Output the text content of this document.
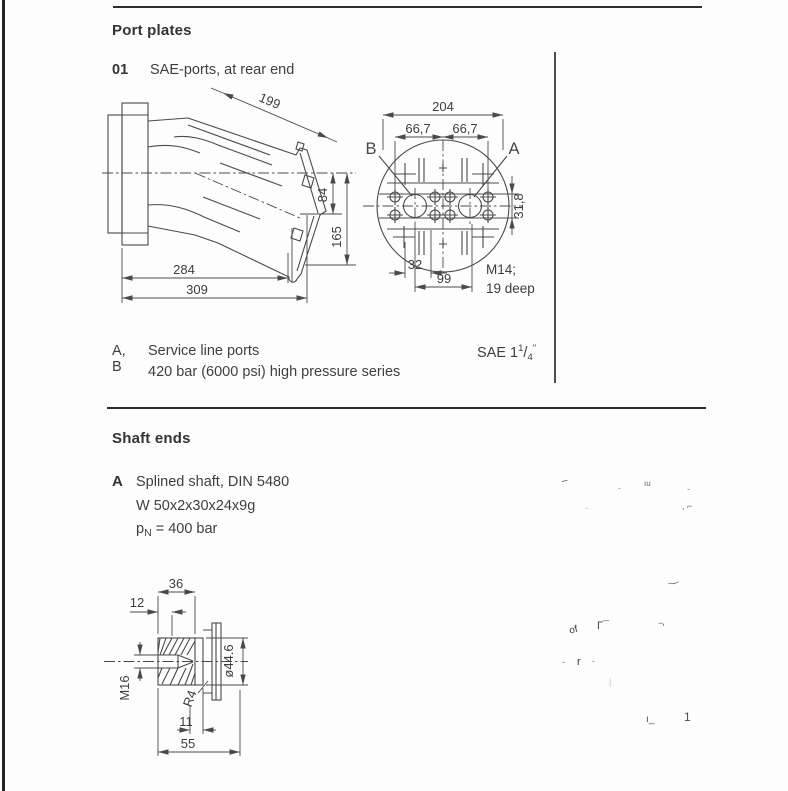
Port plates
01 SAE-ports, at rear end
199
84
165
284
309
B	A
204
66,7 66,7
31,8
32
99
M14;
19 deep
A, B
Service line ports
420 bar (6000 psi) high pressure series
SAE $1^1/_4^"$
Shaft ends
A Splined shaft, DIN 5480
W 50x2x30x24x9g
$p_N = 400$ bar
36
12
M16
ø44.6
R4
11
55
‒
‐	ıu
‐
·	, ⌐
‿
of Γ¯	‾'
‐ r ‐
|
ı_ 1
